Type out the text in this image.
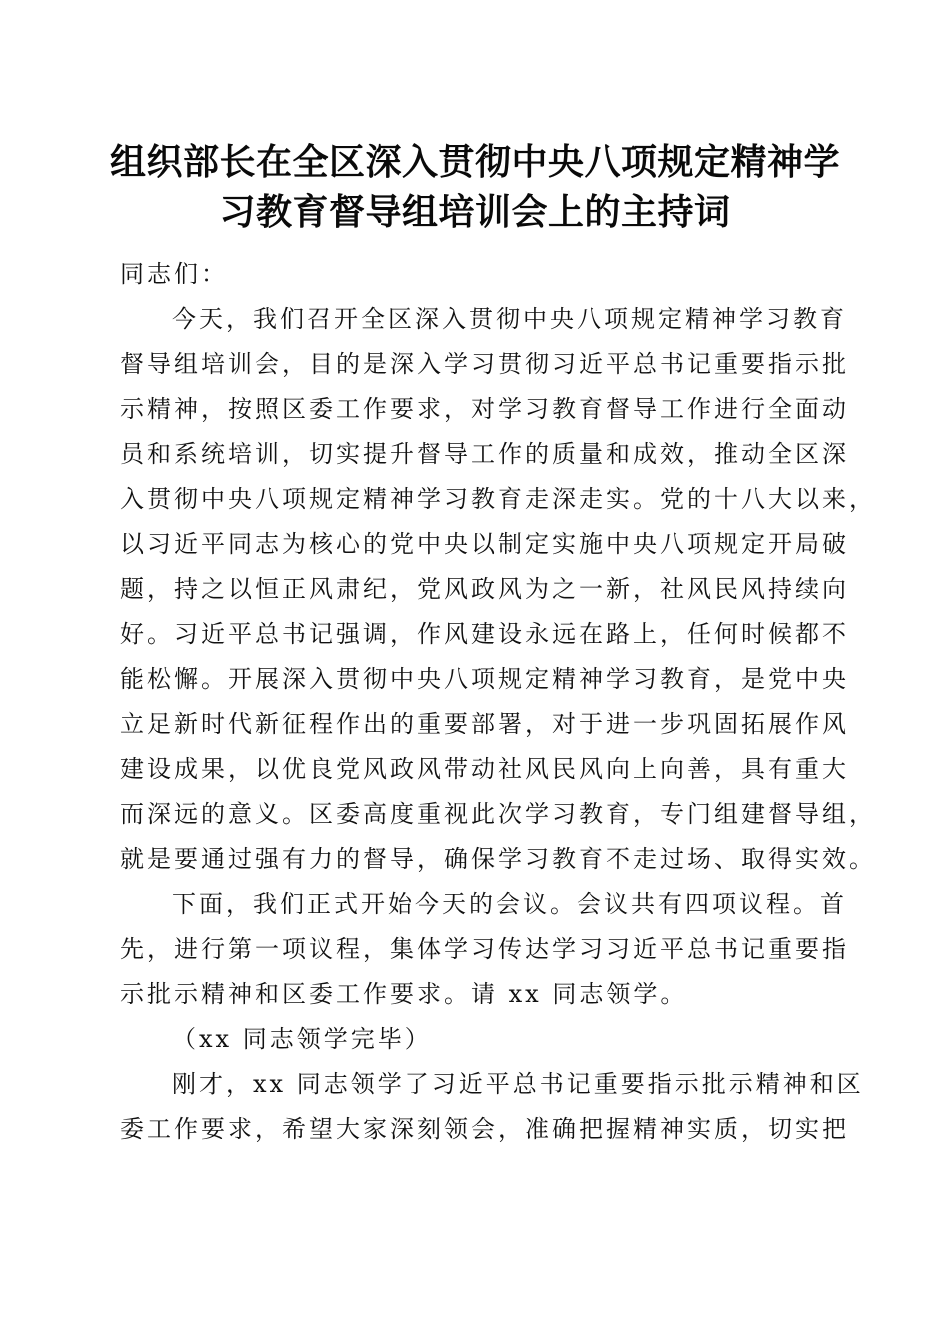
组织部长在全区深入贯彻中央八项规定精神学
习教育督导组培训会上的主持词
同志们：

今天，我们召开全区深入贯彻中央八项规定精神学习教育
督导组培训会，目的是深入学习贯彻习近平总书记重要指示批
示精神，按照区委工作要求，对学习教育督导工作进行全面动
员和系统培训，切实提升督导工作的质量和成效，推动全区深
入贯彻中央八项规定精神学习教育走深走实。党的十八大以来，
以习近平同志为核心的党中央以制定实施中央八项规定开局破
题，持之以恒正风肃纪，党风政风为之一新，社风民风持续向
好。习近平总书记强调，作风建设永远在路上，任何时候都不
能松懈。开展深入贯彻中央八项规定精神学习教育，是党中央
立足新时代新征程作出的重要部署，对于进一步巩固拓展作风
建设成果，以优良党风政风带动社风民风向上向善，具有重大
而深远的意义。区委高度重视此次学习教育，专门组建督导组，
就是要通过强有力的督导，确保学习教育不走过场、取得实效。

下面，我们正式开始今天的会议。会议共有四项议程。首
先，进行第一项议程，集体学习传达学习习近平总书记重要指
示批示精神和区委工作要求。请 xx 同志领学。

（xx 同志领学完毕）

刚才，xx 同志领学了习近平总书记重要指示批示精神和区
委工作要求，希望大家深刻领会，准确把握精神实质，切实把
